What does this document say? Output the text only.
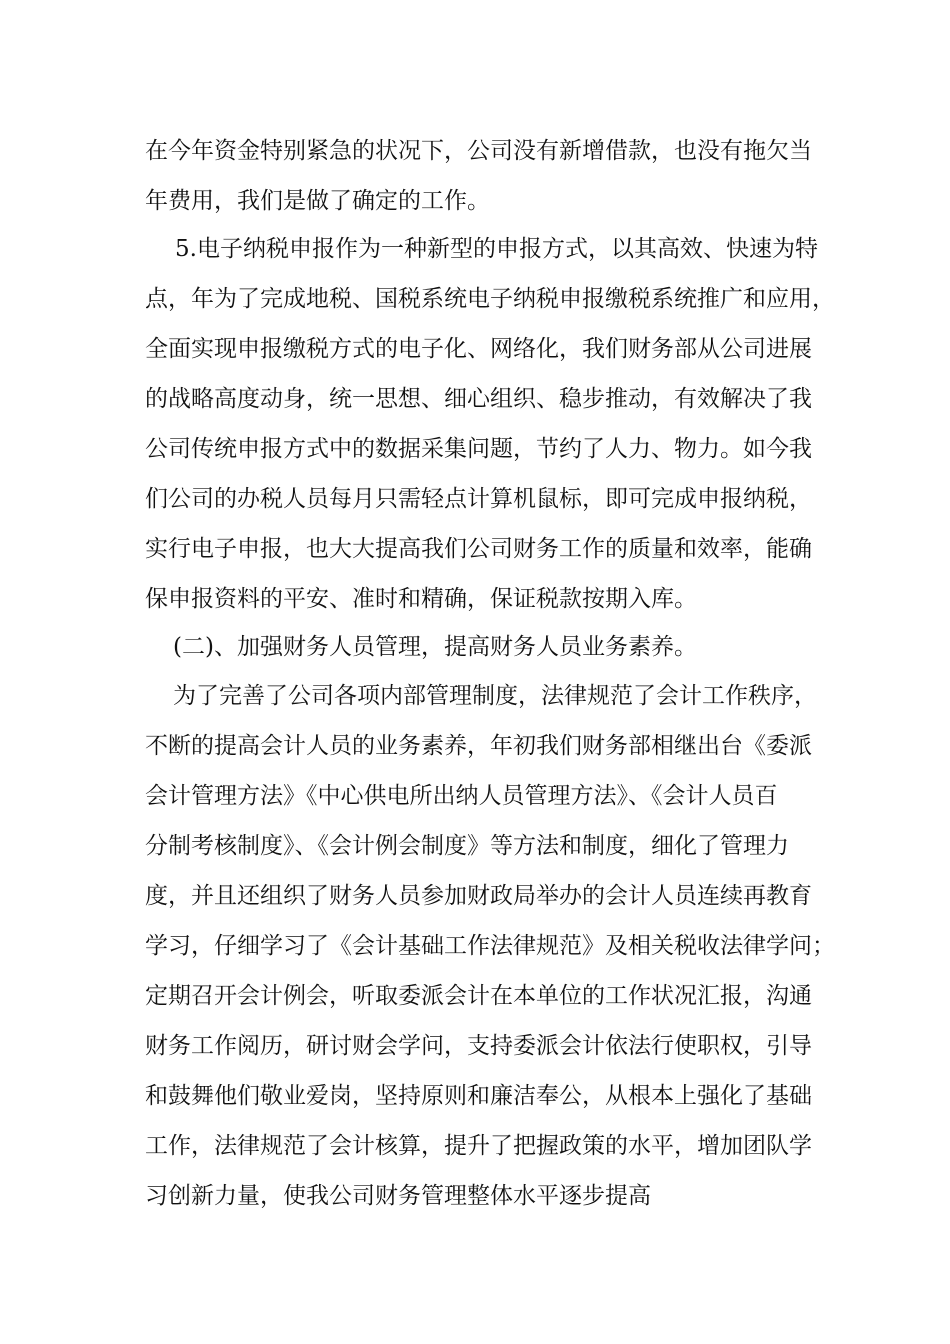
在今年资金特别紧急的状况下，公司没有新增借款，也没有拖欠当
年费用，我们是做了确定的工作。
5.电子纳税申报作为一种新型的申报方式，以其高效、快速为特
点，年为了完成地税、国税系统电子纳税申报缴税系统推广和应用，
全面实现申报缴税方式的电子化、网络化，我们财务部从公司进展
的战略高度动身，统一思想、细心组织、稳步推动，有效解决了我
公司传统申报方式中的数据采集问题，节约了人力、物力。如今我
们公司的办税人员每月只需轻点计算机鼠标，即可完成申报纳税，
实行电子申报，也大大提高我们公司财务工作的质量和效率，能确
保申报资料的平安、准时和精确，保证税款按期入库。
(二)、加强财务人员管理，提高财务人员业务素养。
为了完善了公司各项内部管理制度，法律规范了会计工作秩序，
不断的提高会计人员的业务素养，年初我们财务部相继出台《委派
会计管理方法》《中心供电所出纳人员管理方法》、《会计人员百
分制考核制度》、《会计例会制度》等方法和制度，细化了管理力
度，并且还组织了财务人员参加财政局举办的会计人员连续再教育
学习，仔细学习了《会计基础工作法律规范》及相关税收法律学问；
定期召开会计例会，听取委派会计在本单位的工作状况汇报，沟通
财务工作阅历，研讨财会学问，支持委派会计依法行使职权，引导
和鼓舞他们敬业爱岗，坚持原则和廉洁奉公，从根本上强化了基础
工作，法律规范了会计核算，提升了把握政策的水平，增加团队学
习创新力量，使我公司财务管理整体水平逐步提高
